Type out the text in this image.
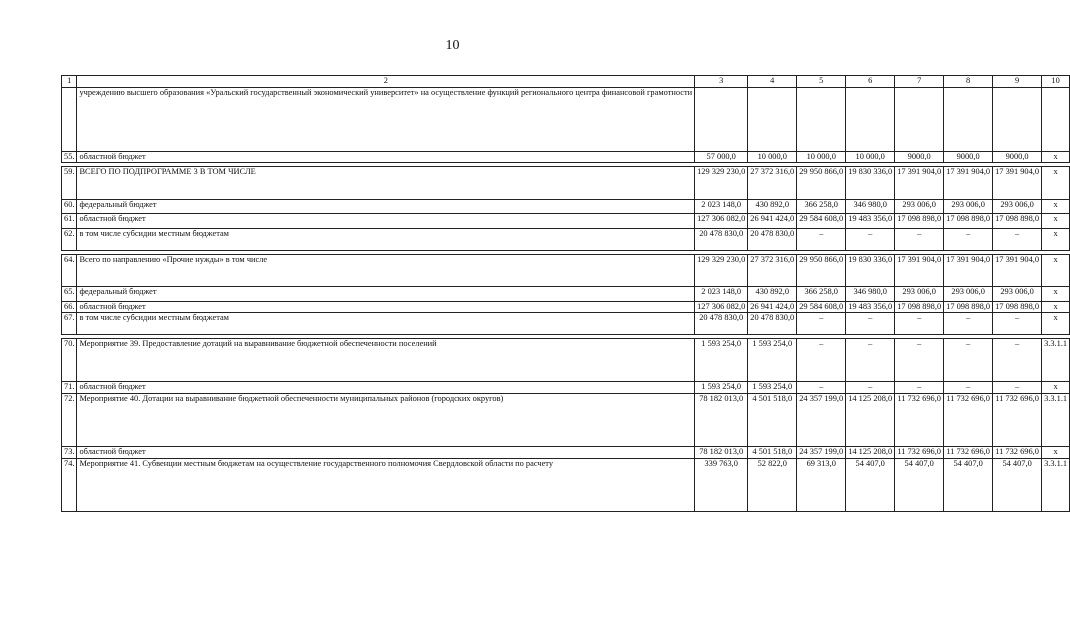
10
1	2	3	4	5	6	7	8	9	10
	учреждению высшего образования «Уральский государственный экономический университет» на осуществление функций регионального центра финансовой грамотности								
55.	областной бюджет	57 000,0	10 000,0	10 000,0	10 000,0	9000,0	9000,0	9000,0	x

59.	ВСЕГО ПО ПОДПРОГРАММЕ 3 В ТОМ ЧИСЛЕ	129 329 230,0	27 372 316,0	29 950 866,0	19 830 336,0	17 391 904,0	17 391 904,0	17 391 904,0	x
60.	федеральный бюджет	2 023 148,0	430 892,0	366 258,0	346 980,0	293 006,0	293 006,0	293 006,0	x
61.	областной бюджет	127 306 082,0	26 941 424,0	29 584 608,0	19 483 356,0	17 098 898,0	17 098 898,0	17 098 898,0	x
62.	в том числе субсидии местным бюджетам	20 478 830,0	20 478 830,0	–	–	–	–	–	x

64.	Всего по направлению «Прочие нужды» в том числе	129 329 230,0	27 372 316,0	29 950 866,0	19 830 336,0	17 391 904,0	17 391 904,0	17 391 904,0	x
65.	федеральный бюджет	2 023 148,0	430 892,0	366 258,0	346 980,0	293 006,0	293 006,0	293 006,0	x
66.	областной бюджет	127 306 082,0	26 941 424,0	29 584 608,0	19 483 356,0	17 098 898,0	17 098 898,0	17 098 898,0	x
67.	в том числе субсидии местным бюджетам	20 478 830,0	20 478 830,0	–	–	–	–	–	x

70.	Мероприятие 39. Предоставление дотаций на выравнивание бюджетной обеспеченности поселений	1 593 254,0	1 593 254,0	–	–	–	–	–	3.3.1.1
71.	областной бюджет	1 593 254,0	1 593 254,0	–	–	–	–	–	x
72.	Мероприятие 40. Дотации на выравнивание бюджетной обеспеченности муниципальных районов (городских округов)	78 182 013,0	4 501 518,0	24 357 199,0	14 125 208,0	11 732 696,0	11 732 696,0	11 732 696,0	3.3.1.1
73.	областной бюджет	78 182 013,0	4 501 518,0	24 357 199,0	14 125 208,0	11 732 696,0	11 732 696,0	11 732 696,0	x
74.	Мероприятие 41. Субвенции местным бюджетам на осуществление государственного полномочия Свердловской области по расчету	339 763,0	52 822,0	69 313,0	54 407,0	54 407,0	54 407,0	54 407,0	3.3.1.1
